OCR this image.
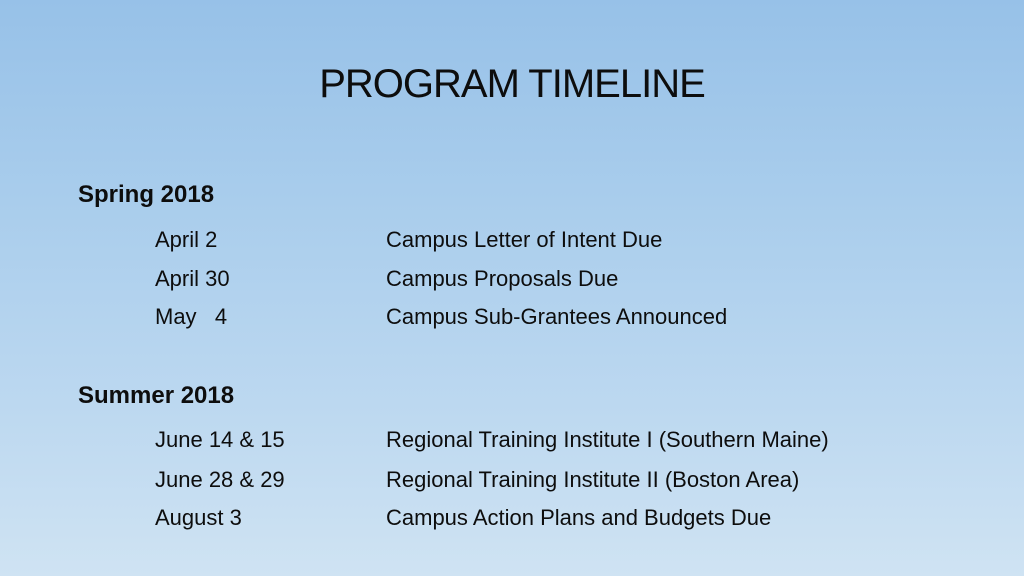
PROGRAM TIMELINE
Spring 2018
April 2	Campus Letter of Intent Due
April 30	Campus Proposals Due
May   4	Campus Sub-Grantees Announced
Summer 2018
June 14 & 15	Regional Training Institute I (Southern Maine)
June 28 & 29	Regional Training Institute II (Boston Area)
August 3	Campus Action Plans and Budgets Due
